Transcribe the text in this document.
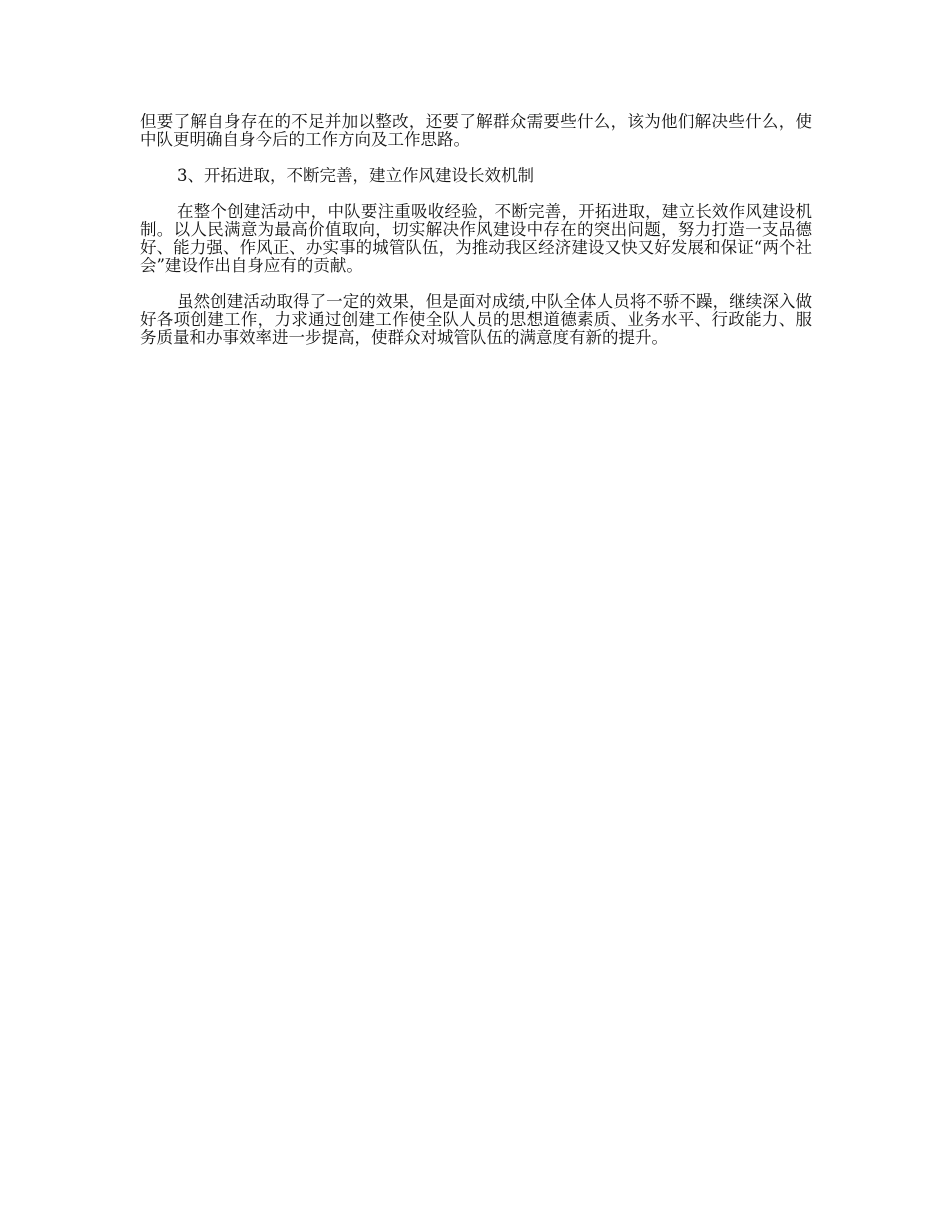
但要了解自身存在的不足并加以整改，还要了解群众需要些什么，该为他们解决些什么，使中队更明确自身今后的工作方向及工作思路。

3、开拓进取，不断完善，建立作风建设长效机制

在整个创建活动中，中队要注重吸收经验，不断完善，开拓进取，建立长效作风建设机制。以人民满意为最高价值取向，切实解决作风建设中存在的突出问题，努力打造一支品德好、能力强、作风正、办实事的城管队伍，为推动我区经济建设又快又好发展和保证“两个社会”建设作出自身应有的贡献。

虽然创建活动取得了一定的效果，但是面对成绩,中队全体人员将不骄不躁，继续深入做好各项创建工作，力求通过创建工作使全队人员的思想道德素质、业务水平、行政能力、服务质量和办事效率进一步提高，使群众对城管队伍的满意度有新的提升。
